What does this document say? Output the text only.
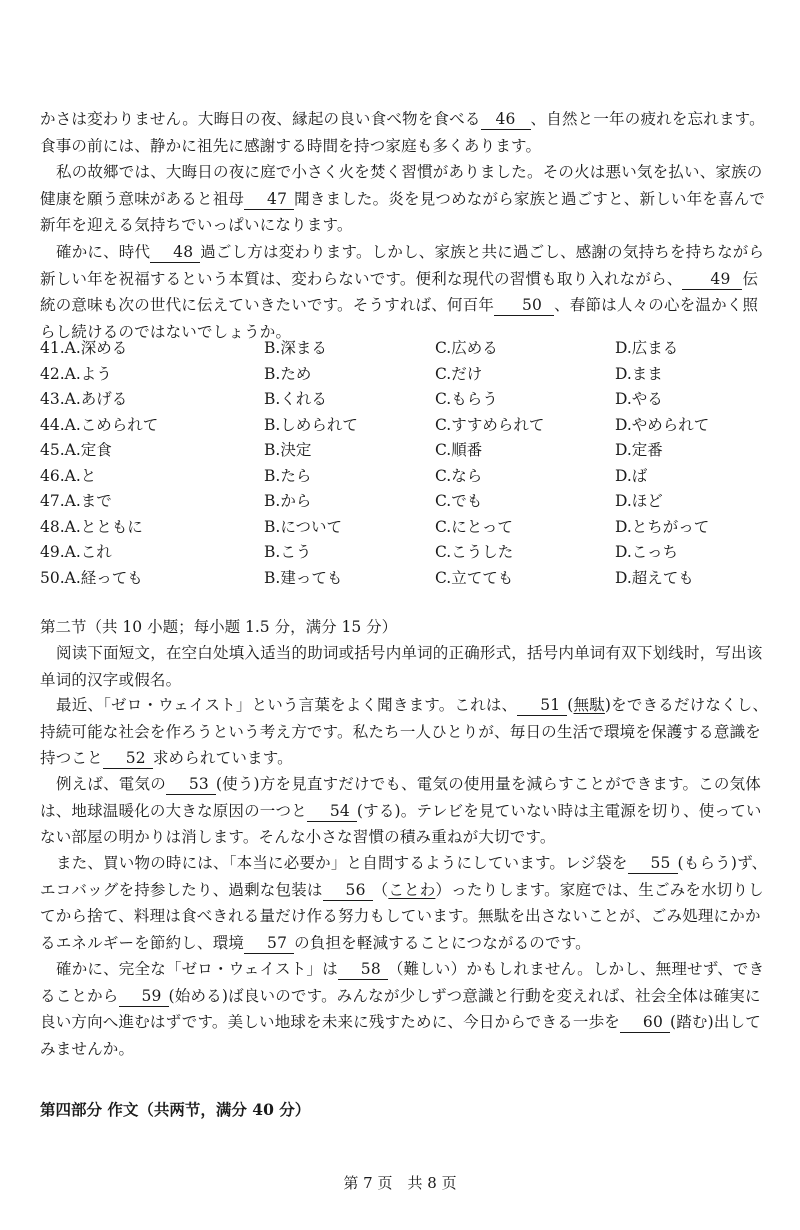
かさは変わりません。大晦日の夜、縁起の良い食べ物を食べる 46 、自然と一年の疲れを忘れます。食事の前には、静かに祖先に感謝する時間を持つ家庭も多くあります。

私の故郷では、大晦日の夜に庭で小さく火を焚く習慣がありました。その火は悪い気を払い、家族の健康を願う意味があると祖母 47 聞きました。炎を見つめながら家族と過ごすと、新しい年を喜んで新年を迎える気持ちでいっぱいになります。

確かに、時代 48 過ごし方は変わります。しかし、家族と共に過ごし、感謝の気持ちを持ちながら新しい年を祝福するという本質は、変わらないです。便利な現代の習慣も取り入れながら、 49 伝統の意味も次の世代に伝えていきたいです。そうすれば、何百年 50 、春節は人々の心を温かく照らし続けるのではないでしょうか。

41.A.深める	B.深まる	C.広める	D.広まる
42.A.よう	B.ため	C.だけ	D.まま
43.A.あげる	B.くれる	C.もらう	D.やる
44.A.こめられて	B.しめられて	C.すすめられて	D.やめられて
45.A.定食	B.決定	C.順番	D.定番
46.A.と	B.たら	C.なら	D.ば
47.A.まで	B.から	C.でも	D.ほど
48.A.とともに	B.について	C.にとって	D.とちがって
49.A.これ	B.こう	C.こうした	D.こっち
50.A.経っても	B.建っても	C.立てても	D.超えても
第二节（共 10 小题；每小题 1.5 分，满分 15 分）

阅读下面短文，在空白处填入适当的助词或括号内单词的正确形式，括号内单词有双下划线时，写出该单词的汉字或假名。

最近、「ゼロ・ウェイスト」という言葉をよく聞きます。これは、 51 (無駄)をできるだけなくし、持続可能な社会を作ろうという考え方です。私たち一人ひとりが、毎日の生活で環境を保護する意識を持つこと 52 求められています。

例えば、電気の 53 (使う)方を見直すだけでも、電気の使用量を減らすことができます。この気体は、地球温暖化の大きな原因の一つと 54 (する)。テレビを見ていない時は主電源を切り、使っていない部屋の明かりは消します。そんな小さな習慣の積み重ねが大切です。

また、買い物の時には、「本当に必要か」と自問するようにしています。レジ袋を 55 (もらう)ず、エコバッグを持参したり、過剰な包装は 56 （ことわ）ったりします。家庭では、生ごみを水切りしてから捨て、料理は食べきれる量だけ作る努力もしています。無駄を出さないことが、ごみ処理にかかるエネルギーを節約し、環境 57 の負担を軽減することにつながるのです。

確かに、完全な「ゼロ・ウェイスト」は 58 （難しい）かもしれません。しかし、無理せず、できることから 59 (始める)ば良いのです。みんなが少しずつ意識と行動を変えれば、社会全体は確実に良い方向へ進むはずです。美しい地球を未来に残すために、今日からできる一歩を 60 (踏む)出してみませんか。

第四部分 作文（共两节，满分 40 分）
第 7 页　共 8 页
